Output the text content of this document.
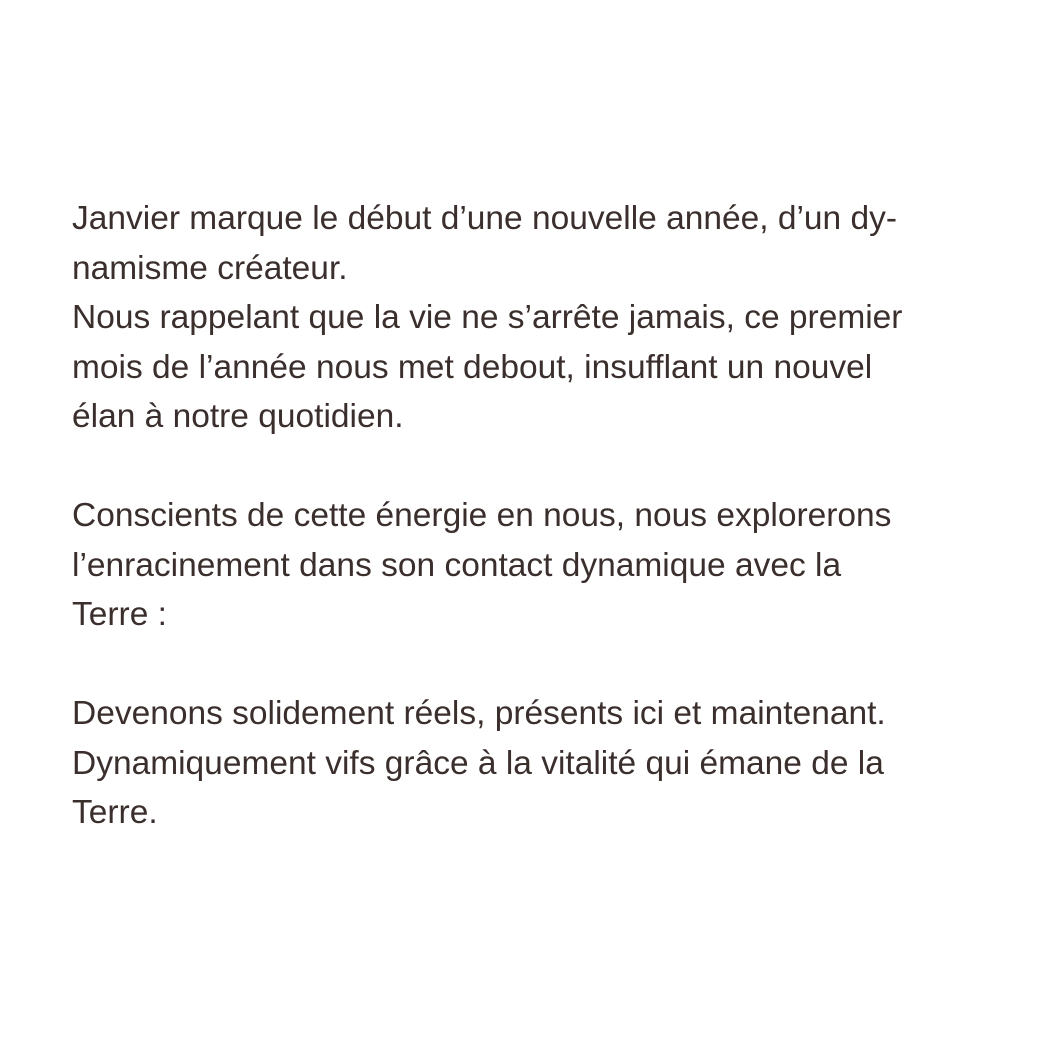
Janvier marque le début d’une nouvelle année, d’un dy-
namisme créateur.
Nous rappelant que la vie ne s’arrête jamais, ce premier
mois de l’année nous met debout, insufflant un nouvel
élan à notre quotidien.
Conscients de cette énergie en nous, nous explorerons
l’enracinement dans son contact dynamique avec la
Terre :
Devenons solidement réels, présents ici et maintenant.
Dynamiquement vifs grâce à la vitalité qui émane de la
Terre.
